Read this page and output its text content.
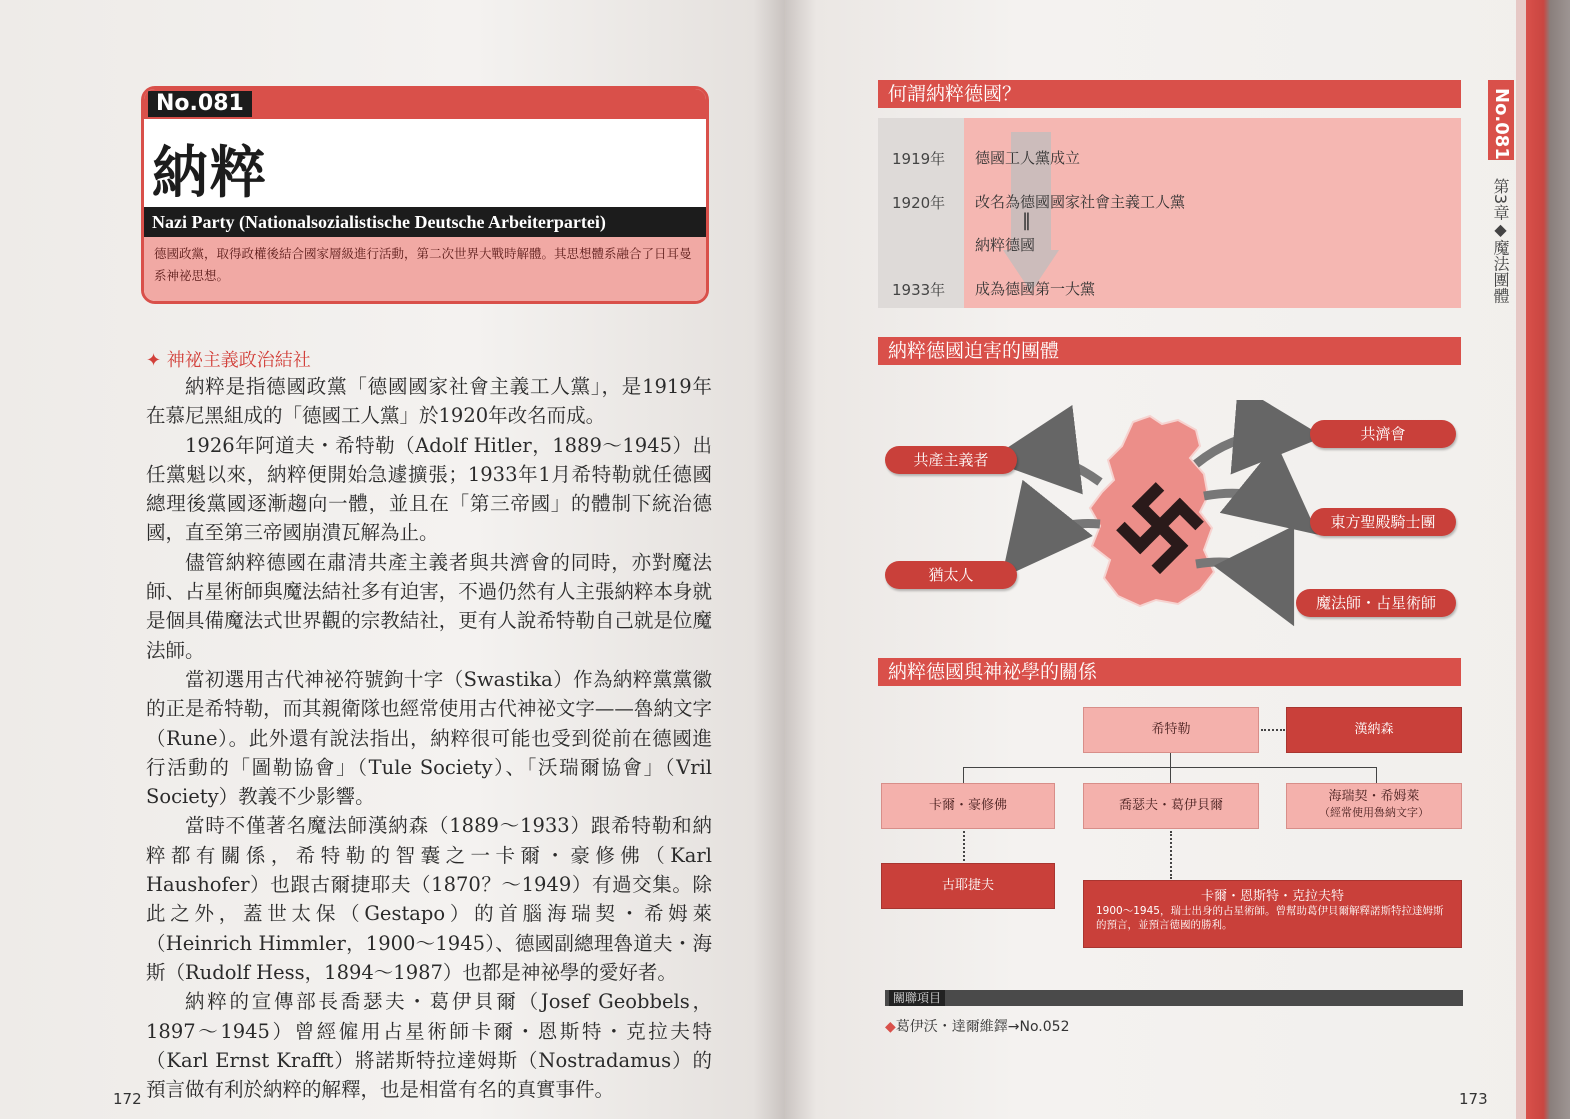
No.081
納粹
Nazi Party (Nationalsozialistische Deutsche Arbeiterpartei)
德國政黨，取得政權後結合國家層級進行活動，第二次世界大戰時解體。其思想體系融合了日耳曼系神祕思想。
✦ 神祕主義政治結社

納粹是指德國政黨「德國國家社會主義工人黨」，是1919年在慕尼黑組成的「德國工人黨」於1920年改名而成。

1926年阿道夫・希特勒（Adolf Hitler，1889～1945）出任黨魁以來，納粹便開始急遽擴張；1933年1月希特勒就任德國總理後黨國逐漸趨向一體，並且在「第三帝國」的體制下統治德國，直至第三帝國崩潰瓦解為止。

儘管納粹德國在肅清共產主義者與共濟會的同時，亦對魔法師、占星術師與魔法結社多有迫害，不過仍然有人主張納粹本身就是個具備魔法式世界觀的宗教結社，更有人說希特勒自己就是位魔法師。

當初選用古代神祕符號鉤十字（Swastika）作為納粹黨黨徽的正是希特勒，而其親衛隊也經常使用古代神祕文字——魯納文字（Rune）。此外還有說法指出，納粹很可能也受到從前在德國進行活動的「圖勒協會」（Tule Society）、「沃瑞爾協會」（Vril Society）教義不少影響。

當時不僅著名魔法師漢納森（1889～1933）跟希特勒和納粹都有關係，希特勒的智囊之一卡爾・豪修佛（Karl Haushofer）也跟古爾捷耶夫（1870？～1949）有過交集。除此之外，蓋世太保（Gestapo）的首腦海瑞契・希姆萊（Heinrich Himmler，1900～1945）、德國副總理魯道夫・海斯（Rudolf Hess，1894～1987）也都是神祕學的愛好者。

納粹的宣傳部長喬瑟夫・葛伊貝爾（Josef Geobbels，1897～1945）曾經僱用占星術師卡爾・恩斯特・克拉夫特（Karl Ernst Krafft）將諾斯特拉達姆斯（Nostradamus）的預言做有利於納粹的解釋，也是相當有名的真實事件。

172	173
何謂納粹德國？
1919年 德國工人黨成立
1920年 改名為德國國家社會主義工人黨
‖
納粹德國
1933年 成為德國第一大黨
納粹德國迫害的團體
共產主義者
猶太人
共濟會
東方聖殿騎士團
魔法師・占星術師
納粹德國與神祕學的關係
希特勒	漢納森
卡爾・豪修佛	喬瑟夫・葛伊貝爾
海瑞契・希姆萊
（經常使用魯納文字）
古耶捷夫
卡爾・恩斯特・克拉夫特
1900～1945，瑞士出身的占星術師。曾幫助葛伊貝爾解釋諾斯特拉達姆斯的預言，並預言德國的勝利。
關聯項目
◆葛伊沃・達爾維鐸→No.052
No.081
第3章◆魔法團體
